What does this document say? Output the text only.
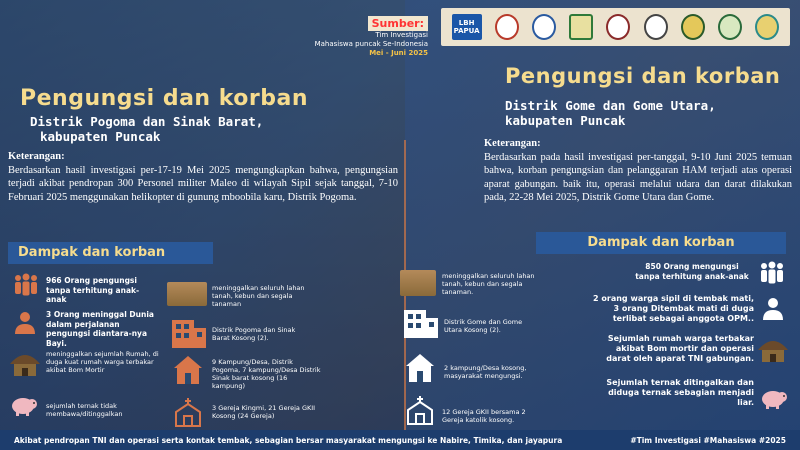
Sumber:
Tim Investigasi
Mahasiswa puncak Se-Indonesia
Mei - Juni 2025
LBH
PAPUA
Pengungsi dan korban
Distrik Pogoma dan Sinak Barat,
kabupaten Puncak
Keterangan:
Berdasarkan hasil investigasi per-17-19 Mei 2025 mengungkapkan bahwa, pengungsian terjadi akibat pendropan 300 Personel militer Maleo di wilayah Sipil sejak tanggal, 7-10 Februari 2025 menggunakan helikopter di gunung mboobila karu, Distrik Pogoma.
Dampak dan korban
966 Orang pengungsi tanpa terhitung anak-anak
3 Orang meninggal Dunia dalam perjalanan pengungsi diantara-nya Bayi.
meninggalkan sejumlah Rumah, di duga kuat rumah warga terbakar akibat Bom Mortir
sejumlah ternak tidak membawa/ditinggalkan
meninggalkan seluruh lahan tanah, kebun dan segala tanaman
Distrik Pogoma dan Sinak Barat Kosong (2).
9 Kampung/Desa, Distrik Pogoma, 7 kampung/Desa Distrik Sinak barat kosong (16 kampung)
3 Gereja Kingmi, 21 Gereja GKII Kosong (24 Gereja)
Pengungsi dan korban
Distrik Gome dan Gome Utara,
kabupaten Puncak
Keterangan:
Berdasarkan pada hasil investigasi per-tanggal, 9-10 Juni 2025 temuan bahwa, korban pengungsian dan pelanggaran HAM terjadi atas operasi aparat gabungan. baik itu, operasi melalui udara dan darat dilakukan pada, 22-28 Mei 2025, Distrik Gome Utara dan Gome.
Dampak dan korban
meninggalkan seluruh lahan tanah, kebun dan segala tanaman.
Distrik Gome dan Gome Utara Kosong (2).
2 kampung/Desa kosong, masyarakat mengungsi.
12 Gereja GKII bersama 2 Gereja katolik kosong.
850 Orang mengungsi tanpa terhitung anak-anak
2 orang warga sipil di tembak mati, 3 orang Ditembak mati di duga terlibat sebagai anggota OPM..
Sejumlah rumah warga terbakar akibat Bom mortir dan operasi darat oleh aparat TNI gabungan.
Sejumlah ternak ditingalkan dan diduga ternak sebagian menjadi liar.
Akibat pendropan TNI dan operasi serta kontak tembak, sebagian bersar masyarakat mengungsi ke Nabire, Timika, dan jayapura	#Tim Investigasi #Mahasiswa #2025
